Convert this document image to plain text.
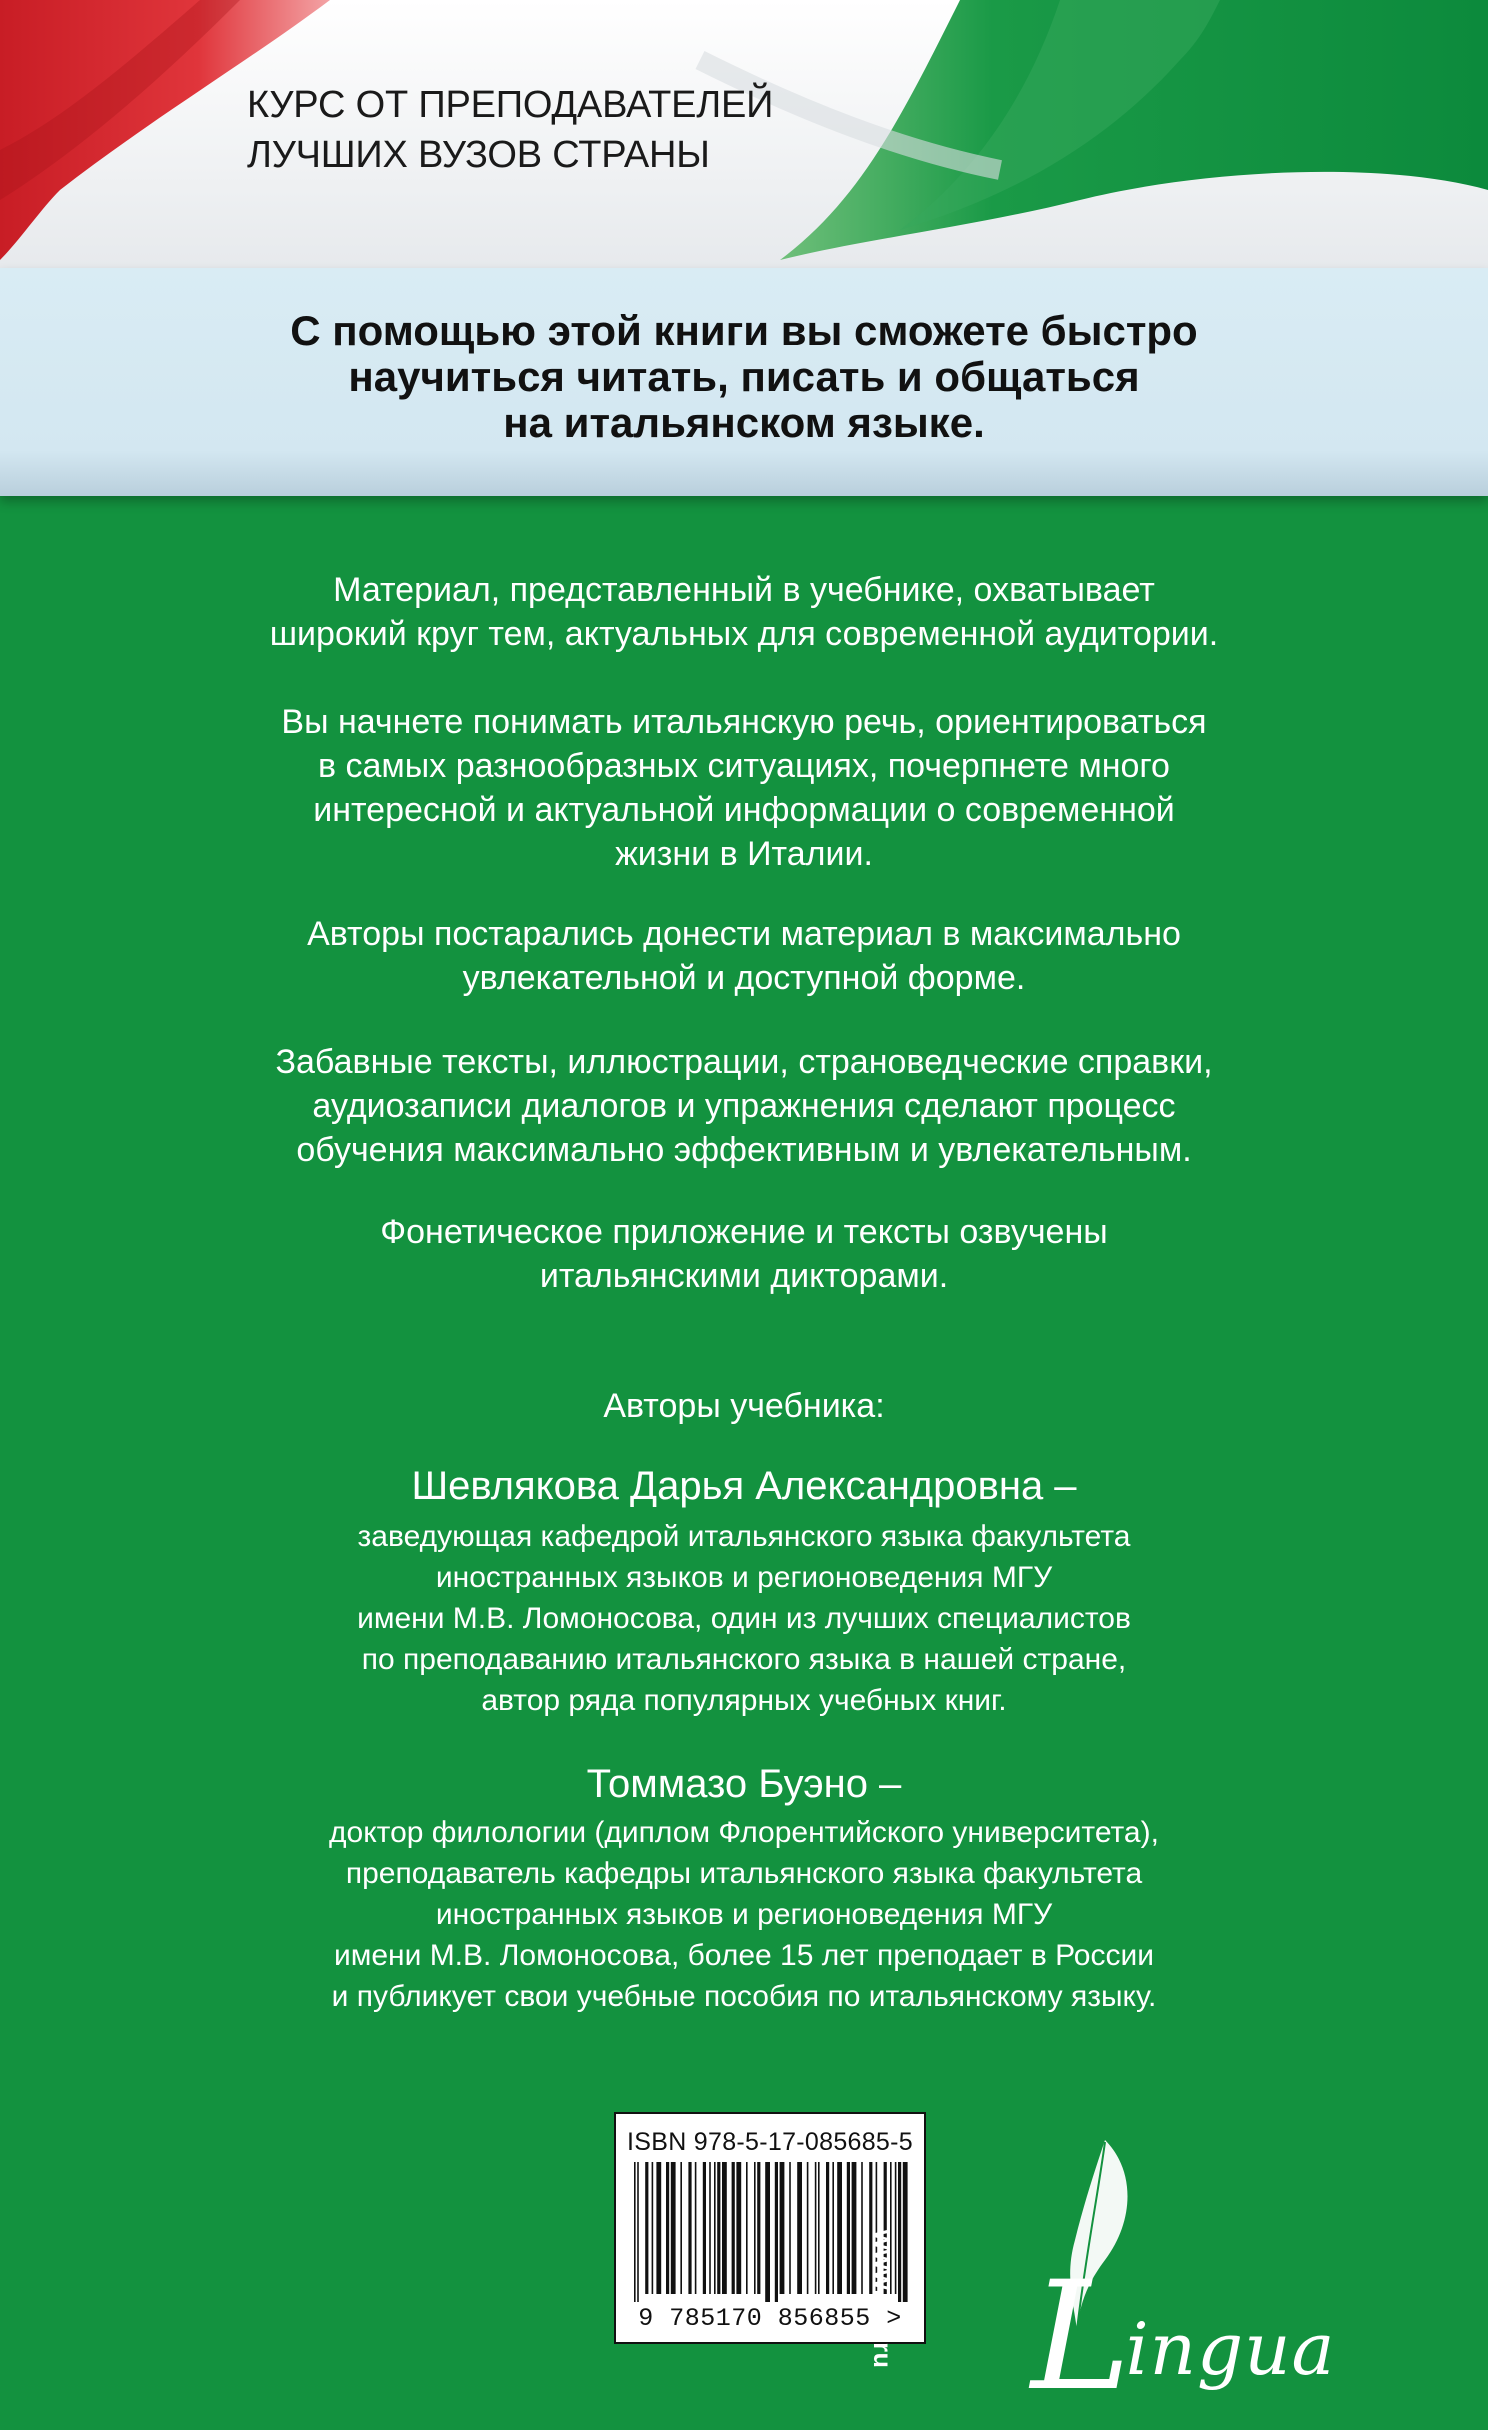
КУРС ОТ ПРЕПОДАВАТЕЛЕЙ
ЛУЧШИХ ВУЗОВ СТРАНЫ

С помощью этой книги вы сможете быстро
научиться читать, писать и общаться
на итальянском языке.

Материал, представленный в учебнике, охватывает
широкий круг тем, актуальных для современной аудитории.

Вы начнете понимать итальянскую речь, ориентироваться
в самых разнообразных ситуациях, почерпнете много
интересной и актуальной информации о современной
жизни в Италии.

Авторы постарались донести материал в максимально
увлекательной и доступной форме.

Забавные тексты, иллюстрации, страноведческие справки,
аудиозаписи диалогов и упражнения сделают процесс
обучения максимально эффективным и увлекательным.

Фонетическое приложение и тексты озвучены
итальянскими дикторами.

Авторы учебника:

Шевлякова Дарья Александровна –

заведующая кафедрой итальянского языка факультета
иностранных языков и регионоведения МГУ
имени М.В. Ломоносова, один из лучших специалистов
по преподаванию итальянского языка в нашей стране,
автор ряда популярных учебных книг.

Томмазо Буэно –

доктор филологии (диплом Флорентийского университета),
преподаватель кафедры итальянского языка факультета
иностранных языков и регионоведения МГУ
имени М.В. Ломоносова, более 15 лет преподает в России
и публикует свои учебные пособия по итальянскому языку.

ISBN 978-5-17-085685-5

9 785170 856855 >

www.ast.ru Lingua
